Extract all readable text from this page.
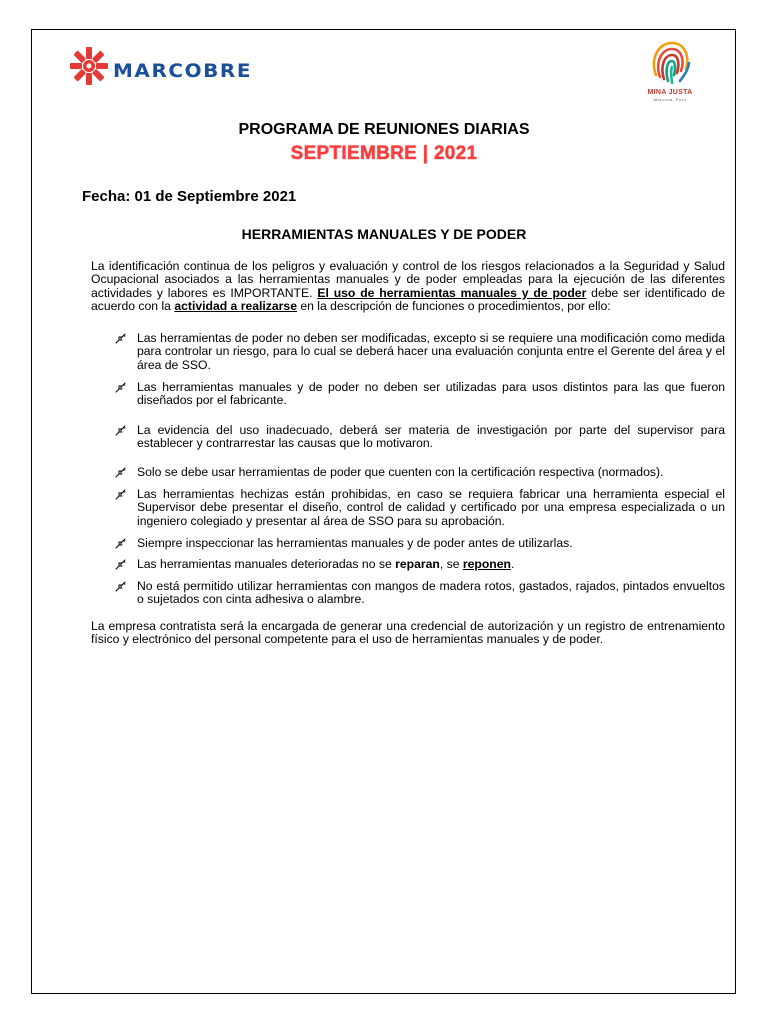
MARCOBRE
MINA JUSTA
Marcona, Perú
PROGRAMA DE REUNIONES DIARIAS
SEPTIEMBRE | 2021
Fecha: 01 de Septiembre 2021
HERRAMIENTAS MANUALES Y DE PODER
La identificación continua de los peligros y evaluación y control de los riesgos relacionados a la Seguridad y Salud Ocupacional asociados a las herramientas manuales y de poder empleadas para la ejecución de las diferentes actividades y labores es IMPORTANTE. El uso de herramientas manuales y de poder debe ser identificado de acuerdo con la actividad a realizarse en la descripción de funciones o procedimientos, por ello:
Las herramientas de poder no deben ser modificadas, excepto si se requiere una modificación como medida para controlar un riesgo, para lo cual se deberá hacer una evaluación conjunta entre el Gerente del área y el área de SSO.
Las herramientas manuales y de poder no deben ser utilizadas para usos distintos para las que fueron diseñados por el fabricante.
La evidencia del uso inadecuado, deberá ser materia de investigación por parte del supervisor para establecer y contrarrestar las causas que lo motivaron.
Solo se debe usar herramientas de poder que cuenten con la certificación respectiva (normados).
Las herramientas hechizas están prohibidas, en caso se requiera fabricar una herramienta especial el Supervisor debe presentar el diseño, control de calidad y certificado por una empresa especializada o un ingeniero colegiado y presentar al área de SSO para su aprobación.
Siempre inspeccionar las herramientas manuales y de poder antes de utilizarlas.
Las herramientas manuales deterioradas no se reparan, se reponen.
No está permitido utilizar herramientas con mangos de madera rotos, gastados, rajados, pintados envueltos o sujetados con cinta adhesiva o alambre.
La empresa contratista será la encargada de generar una credencial de autorización y un registro de entrenamiento físico y electrónico del personal competente para el uso de herramientas manuales y de poder.
